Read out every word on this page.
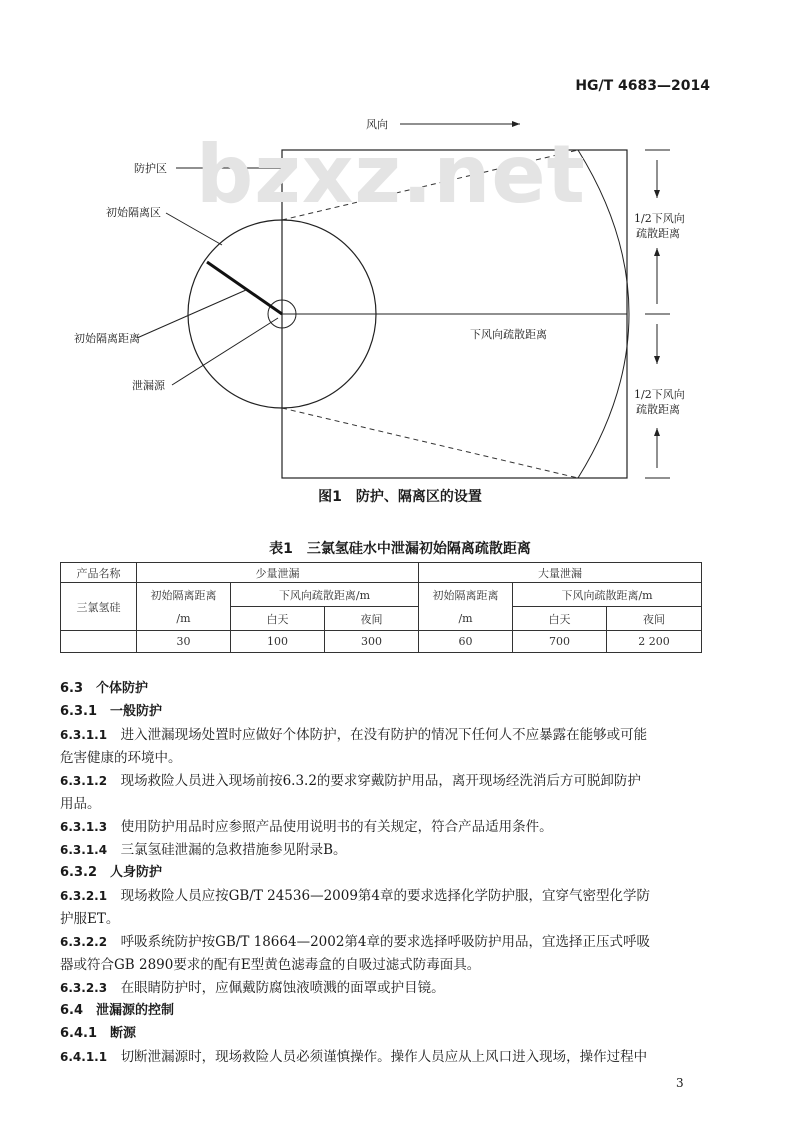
HG/T 4683—2014
风向
防护区
初始隔离区
初始隔离距离
泄漏源
下风向疏散距离
1/2下风向
疏散距离
1/2下风向
疏散距离
bzxz.net
图1　防护、隔离区的设置
表1　三氯氢硅水中泄漏初始隔离疏散距离
产品名称	少量泄漏			大量泄漏		
三氯氢硅	初始隔离距离	下风向疏散距离/m		初始隔离距离	下风向疏散距离/m	
	/m	白天	夜间	/m	白天	夜间
	30	100	300	60	700	2 200
6.3　 个体防护
6.3.1　 一般防护
6.3.1.1　 进入泄漏现场处置时应做好个体防护，在没有防护的情况下任何人不应暴露在能够或可能
危害健康的环境中。
6.3.1.2　 现场救险人员进入现场前按6.3.2的要求穿戴防护用品，离开现场经洗消后方可脱卸防护
用品。
6.3.1.3　 使用防护用品时应参照产品使用说明书的有关规定，符合产品适用条件。
6.3.1.4　 三氯氢硅泄漏的急救措施参见附录B。
6.3.2　 人身防护
6.3.2.1　 现场救险人员应按GB/T 24536—2009第4章的要求选择化学防护服，宜穿气密型化学防
护服ET。
6.3.2.2　 呼吸系统防护按GB/T 18664—2002第4章的要求选择呼吸防护用品，宜选择正压式呼吸
器或符合GB 2890要求的配有E型黄色滤毒盒的自吸过滤式防毒面具。
6.3.2.3　 在眼睛防护时，应佩戴防腐蚀液喷溅的面罩或护目镜。
6.4　 泄漏源的控制
6.4.1　 断源
6.4.1.1　 切断泄漏源时，现场救险人员必须谨慎操作。操作人员应从上风口进入现场，操作过程中
3
